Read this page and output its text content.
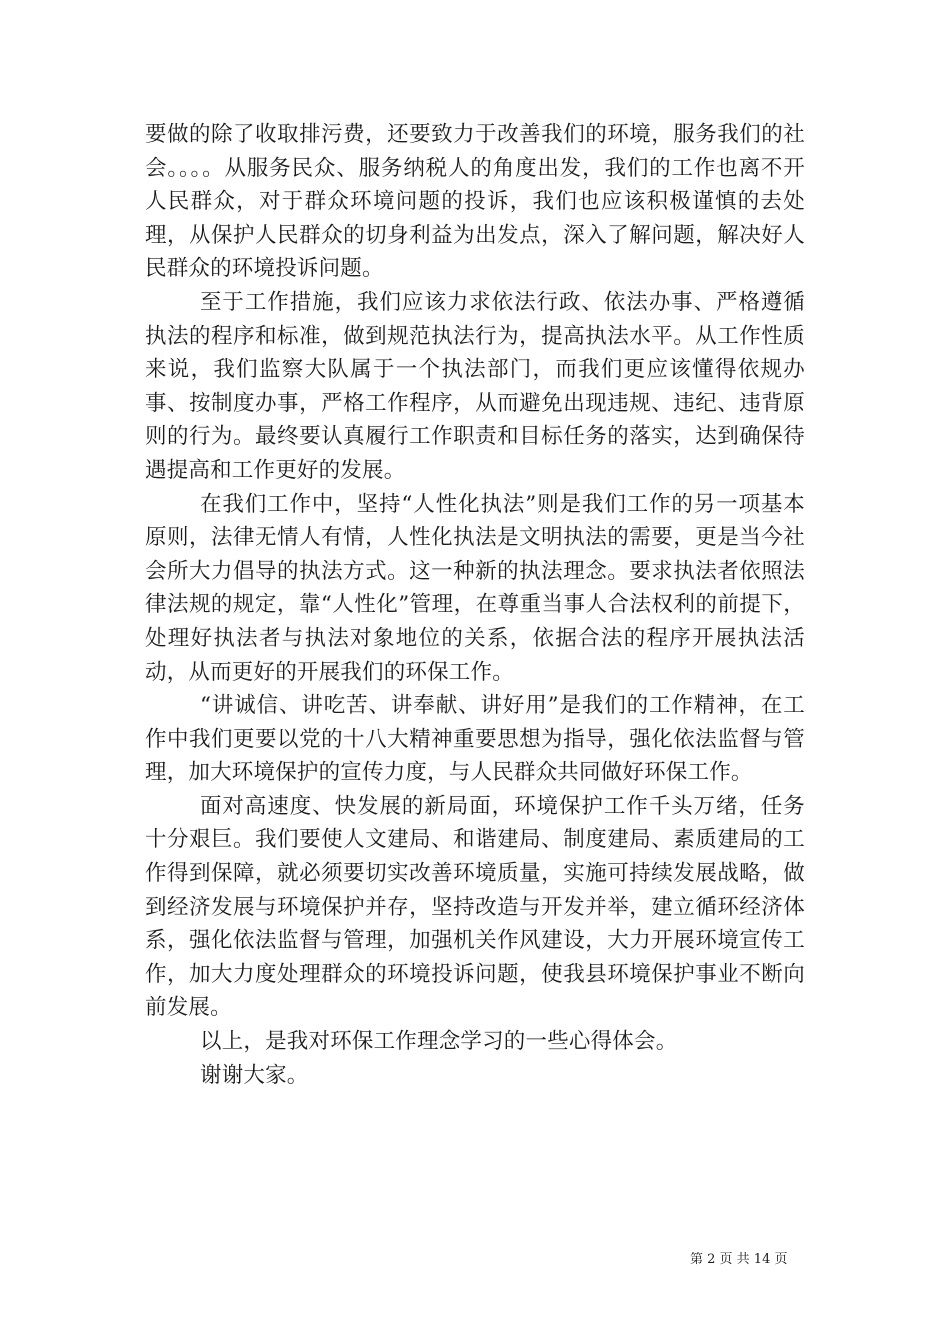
要做的除了收取排污费，还要致力于改善我们的环境，服务我们的社会。。。。从服务民众、服务纳税人的角度出发，我们的工作也离不开人民群众，对于群众环境问题的投诉，我们也应该积极谨慎的去处理，从保护人民群众的切身利益为出发点，深入了解问题，解决好人民群众的环境投诉问题。

至于工作措施，我们应该力求依法行政、依法办事、严格遵循执法的程序和标准，做到规范执法行为，提高执法水平。从工作性质来说，我们监察大队属于一个执法部门，而我们更应该懂得依规办事、按制度办事，严格工作程序，从而避免出现违规、违纪、违背原则的行为。最终要认真履行工作职责和目标任务的落实，达到确保待遇提高和工作更好的发展。

在我们工作中，坚持“人性化执法”则是我们工作的另一项基本原则，法律无情人有情，人性化执法是文明执法的需要，更是当今社会所大力倡导的执法方式。这一种新的执法理念。要求执法者依照法律法规的规定，靠“人性化”管理，在尊重当事人合法权利的前提下，处理好执法者与执法对象地位的关系，依据合法的程序开展执法活动，从而更好的开展我们的环保工作。

“讲诚信、讲吃苦、讲奉献、讲好用”是我们的工作精神，在工作中我们更要以党的十八大精神重要思想为指导，强化依法监督与管理，加大环境保护的宣传力度，与人民群众共同做好环保工作。

面对高速度、快发展的新局面，环境保护工作千头万绪，任务十分艰巨。我们要使人文建局、和谐建局、制度建局、素质建局的工作得到保障，就必须要切实改善环境质量，实施可持续发展战略，做到经济发展与环境保护并存，坚持改造与开发并举，建立循环经济体系，强化依法监督与管理，加强机关作风建设，大力开展环境宣传工作，加大力度处理群众的环境投诉问题，使我县环境保护事业不断向前发展。

以上，是我对环保工作理念学习的一些心得体会。

谢谢大家。

第 2 页 共 14 页
